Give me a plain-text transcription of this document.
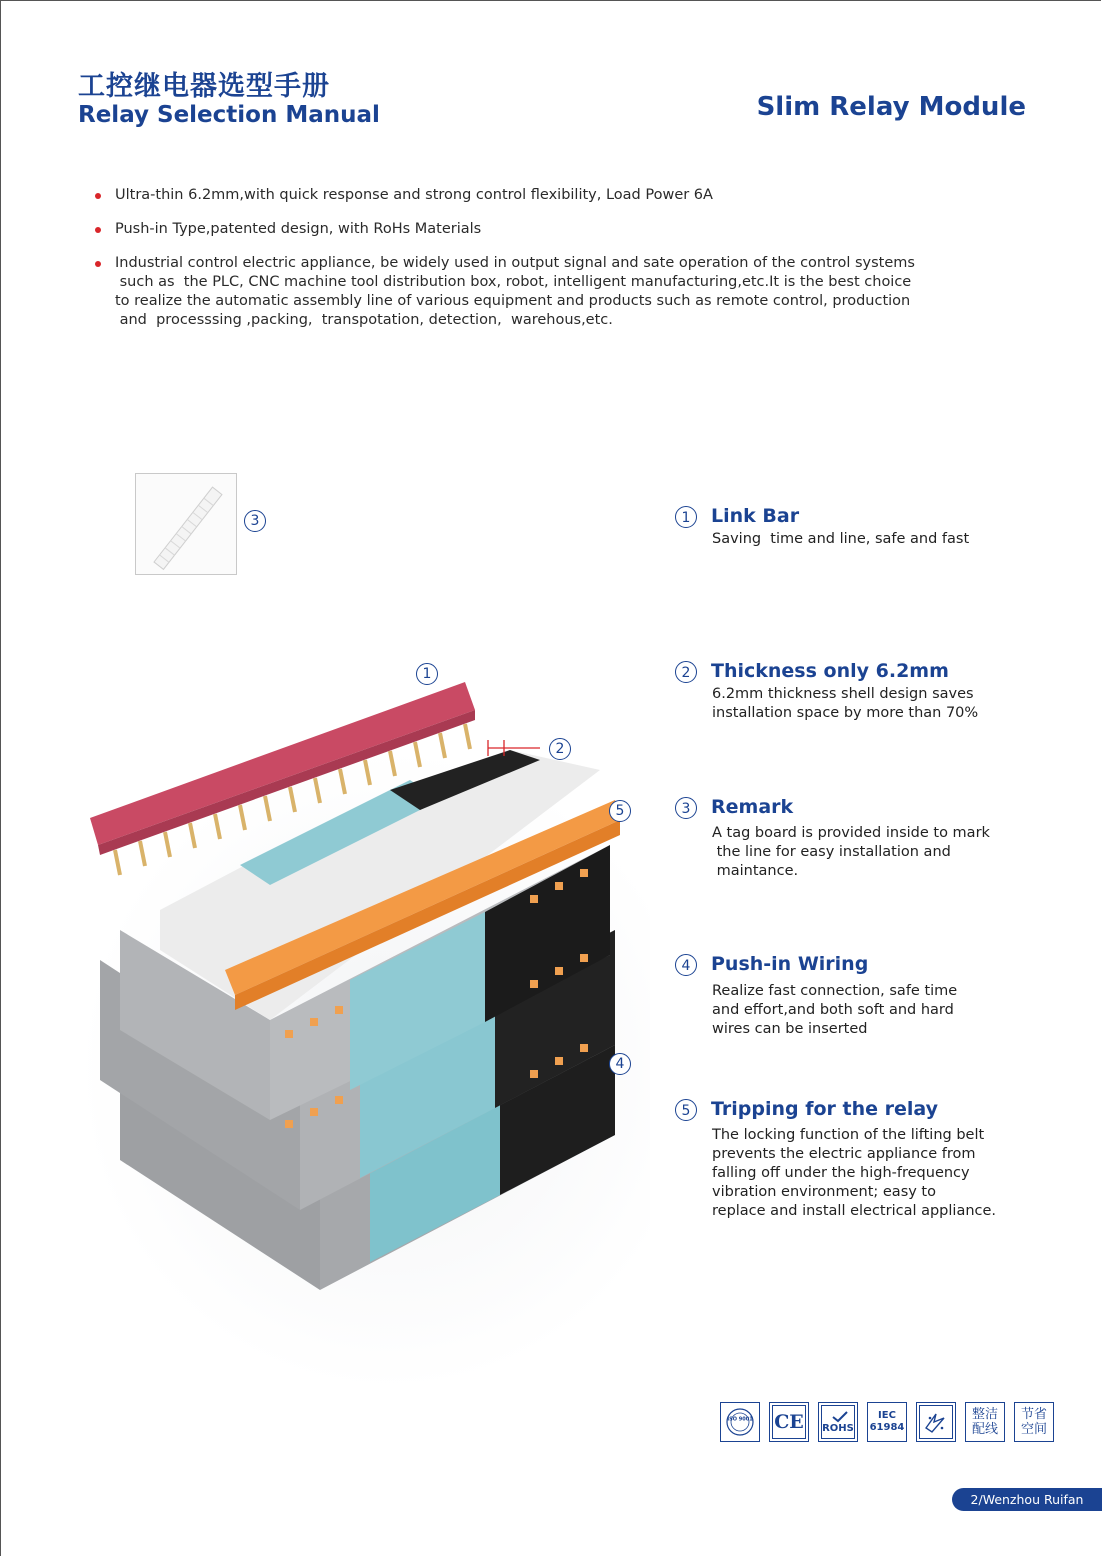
工控继电器选型手册
Relay Selection Manual	Slim Relay Module
Ultra-thin 6.2mm,with quick response and strong control flexibility, Load Power 6A
Push-in Type,patented design, with RoHs Materials
Industrial control electric appliance, be widely used in output signal and sate operation of the control systems
such as  the PLC, CNC machine tool distribution box, robot, intelligent manufacturing,etc.It is the best choice
to realize the automatic assembly line of various equipment and products such as remote control, production
and  processsing ,packing,  transpotation, detection,  warehous,etc.
3
1
2
5
4
1	Link Bar
Saving  time and line, safe and fast
2	Thickness only 6.2mm
6.2mm thickness shell design saves
installation space by more than 70%
3	Remark
A tag board is provided inside to mark
the line for easy installation and
maintance.
4	Push-in Wiring
Realize fast connection, safe time
and effort,and both soft and hard
wires can be inserted
5	Tripping for the relay
The locking function of the lifting belt
prevents the electric appliance from
falling off under the high-frequency
vibration environment; easy to
replace and install electrical appliance.
ISO 9001 CE ROHS
IEC
61984
整洁
配线
节省
空间
2/Wenzhou Ruifan
